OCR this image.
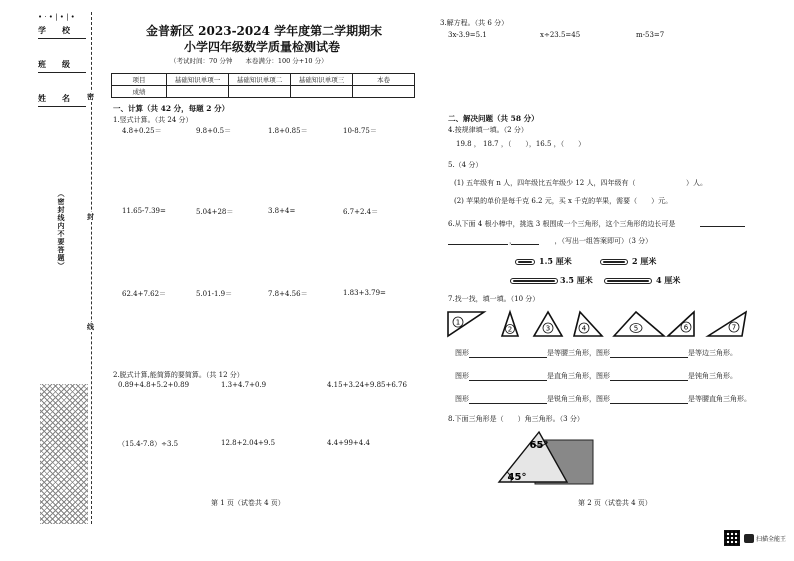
• · • | • | •
学　　校
班　　级
姓　　名
（密封线内不要答题）
密
封
线
金普新区 2023-2024 学年度第二学期期末
小学四年级数学质量检测试卷
（考试时间：70 分钟　　本卷满分：100 分+10 分）
项目	基础知识单项一	基础知识单项二	基础知识单项三	本卷
成绩				
一、计算（共 42 分，每题 2 分）
1.竖式计算。（共 24 分）
4.8+0.25＝	9.8+0.5＝	1.8+0.85＝	10-8.75＝
11.65-7.39=	5.04+28＝	3.8+4=	6.7+2.4＝
62.4+7.62＝	5.01-1.9＝	7.8+4.56＝	1.83+3.79=
2.脱式计算,能简算的要简算。（共 12 分）
0.89+4.8+5.2+0.89	1.3+4.7+0.9	4.15+3.24+9.85+6.76
（15.4-7.8）÷3.5	12.8+2.04+9.5	4.4+99+4.4
第 1 页（试卷共 4 页）
3.解方程。（共 6 分）
3x-3.9=5.1	x÷23.5=45	m-53=7
二、解决问题（共 58 分）
4.按规律填一填。（2 分）
19.8 ， 18.7 ，（　　），16.5 ，（　　）
5.（4 分）
(1) 五年级有 n 人，四年级比五年级少 12 人，四年级有（	）人。
(2) 苹果的单价是每千克 6.2 元，买 x 千克的苹果，需要（　　）元。
6.从下面 4 根小棒中，挑选 3 根围成一个三角形，这个三角形的边长可是
，　　　　　　，（写出一组答案即可）（3 分）
1.5 厘米	2 厘米
3.5 厘米	4 厘米
7.找一找，填一填。（10 分）
1
2	3	4	5	6	7
图形	是等腰三角形，图形	是等边三角形。
图形	是直角三角形，图形	是钝角三角形。
图形	是锐角三角形，图形	是等腰直角三角形。
8.下面三角形是（　　）角三角形。（3 分）
65°
45°
第 2 页（试卷共 4 页）
扫描全能王
